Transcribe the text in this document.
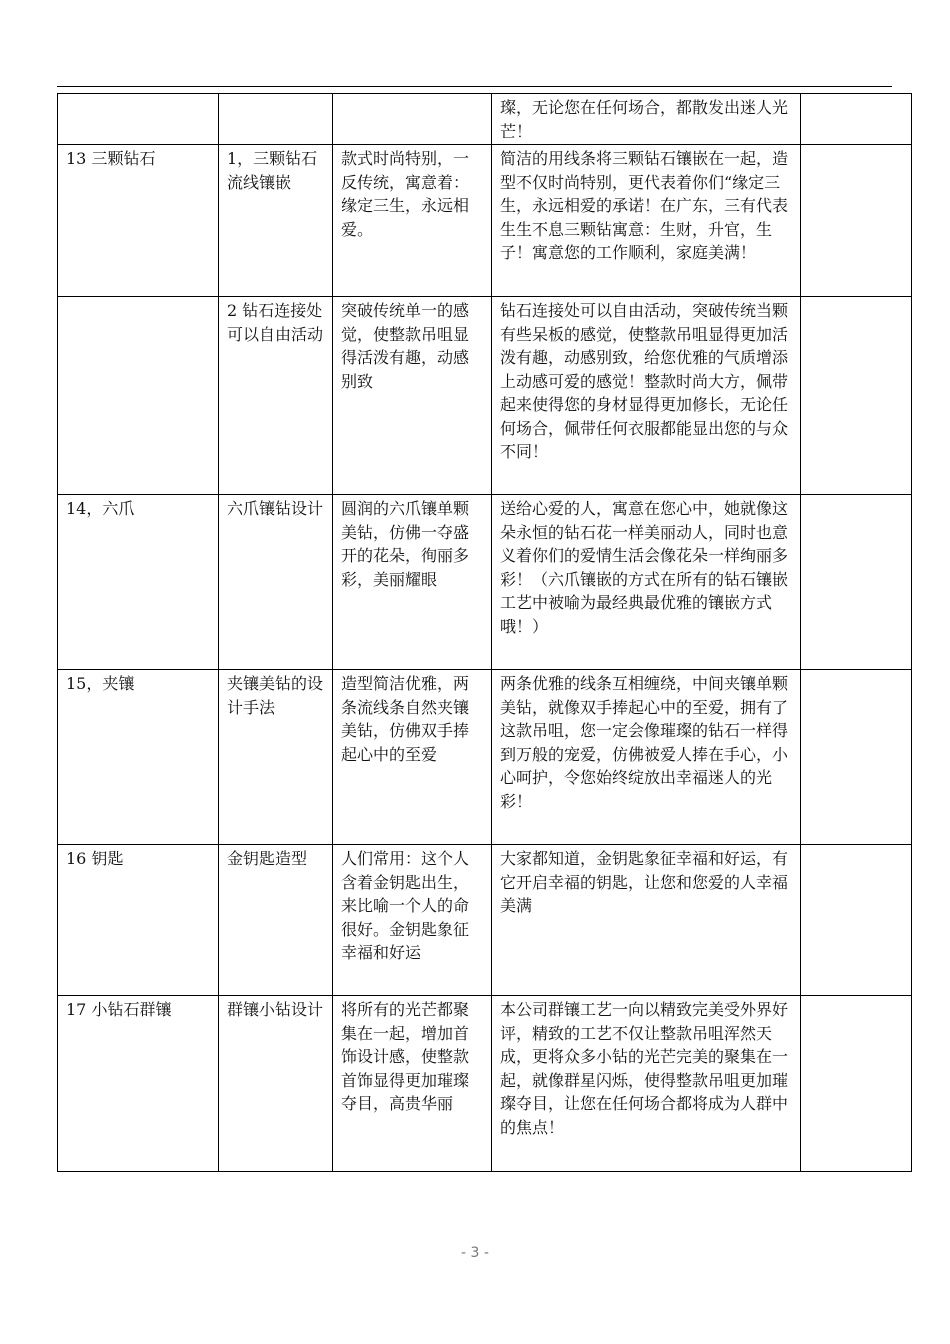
			璨，无论您在任何场合，都散发出迷人光芒！	
13 三颗钻石	1，三颗钻石流线镶嵌	款式时尚特别，一反传统，寓意着：缘定三生，永远相爱。	简洁的用线条将三颗钻石镶嵌在一起，造型不仅时尚特别，更代表着你们“缘定三生，永远相爱的承诺！在广东，三有代表生生不息三颗钻寓意：生财，升官，生子！寓意您的工作顺利，家庭美满！	
	2 钻石连接处可以自由活动	突破传统单一的感觉，使整款吊咀显得活泼有趣，动感别致	钻石连接处可以自由活动，突破传统当颗有些呆板的感觉，使整款吊咀显得更加活泼有趣，动感别致，给您优雅的气质增添上动感可爱的感觉！整款时尚大方，佩带起来使得您的身材显得更加修长，无论任何场合，佩带任何衣服都能显出您的与众不同！	
14，六爪	六爪镶钻设计	圆润的六爪镶单颗美钻，仿佛一夺盛开的花朵，徇丽多彩，美丽耀眼	送给心爱的人，寓意在您心中，她就像这朵永恒的钻石花一样美丽动人，同时也意义着你们的爱情生活会像花朵一样绚丽多彩！（六爪镶嵌的方式在所有的钻石镶嵌工艺中被喻为最经典最优雅的镶嵌方式哦！）	
15，夹镶	夹镶美钻的设计手法	造型简洁优雅，两条流线条自然夹镶美钻，仿佛双手捧起心中的至爱	两条优雅的线条互相缠绕，中间夹镶单颗美钻，就像双手捧起心中的至爱，拥有了这款吊咀，您一定会像璀璨的钻石一样得到万般的宠爱，仿佛被爱人捧在手心，小心呵护，令您始终绽放出幸福迷人的光彩！	
16 钥匙	金钥匙造型	人们常用：这个人含着金钥匙出生，来比喻一个人的命很好。金钥匙象征幸福和好运	大家都知道，金钥匙象征幸福和好运，有它开启幸福的钥匙，让您和您爱的人幸福美满	
17 小钻石群镶	群镶小钻设计	将所有的光芒都聚集在一起，增加首饰设计感，使整款首饰显得更加璀璨夺目，高贵华丽	本公司群镶工艺一向以精致完美受外界好评，精致的工艺不仅让整款吊咀浑然天成，更将众多小钻的光芒完美的聚集在一起，就像群星闪烁，使得整款吊咀更加璀璨夺目，让您在任何场合都将成为人群中的焦点！	
- 3 -
